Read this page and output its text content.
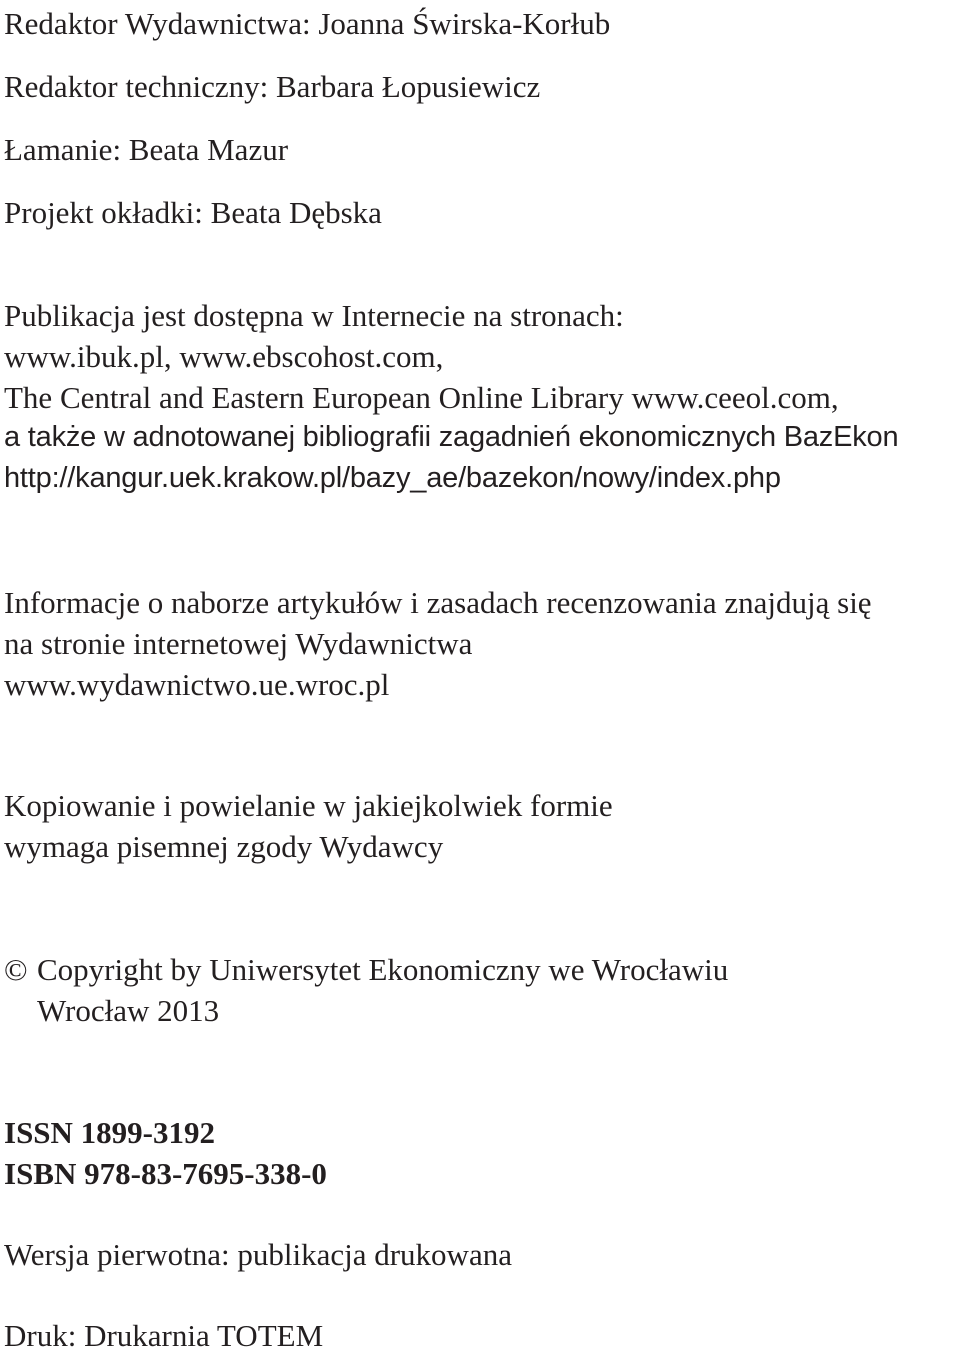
Redaktor Wydawnictwa: Joanna Świrska-Korłub
Redaktor techniczny: Barbara Łopusiewicz
Łamanie: Beata Mazur
Projekt okładki: Beata Dębska
Publikacja jest dostępna w Internecie na stronach:
www.ibuk.pl, www.ebscohost.com,
The Central and Eastern European Online Library www.ceeol.com,
a także w adnotowanej bibliografii zagadnień ekonomicznych BazEkon
http://kangur.uek.krakow.pl/bazy_ae/bazekon/nowy/index.php
Informacje o naborze artykułów i zasadach recenzowania znajdują się
na stronie internetowej Wydawnictwa
www.wydawnictwo.ue.wroc.pl
Kopiowanie i powielanie w jakiejkolwiek formie
wymaga pisemnej zgody Wydawcy
© Copyright by Uniwersytet Ekonomiczny we Wrocławiu
Wrocław 2013
ISSN 1899-3192
ISBN 978-83-7695-338-0
Wersja pierwotna: publikacja drukowana
Druk: Drukarnia TOTEM
